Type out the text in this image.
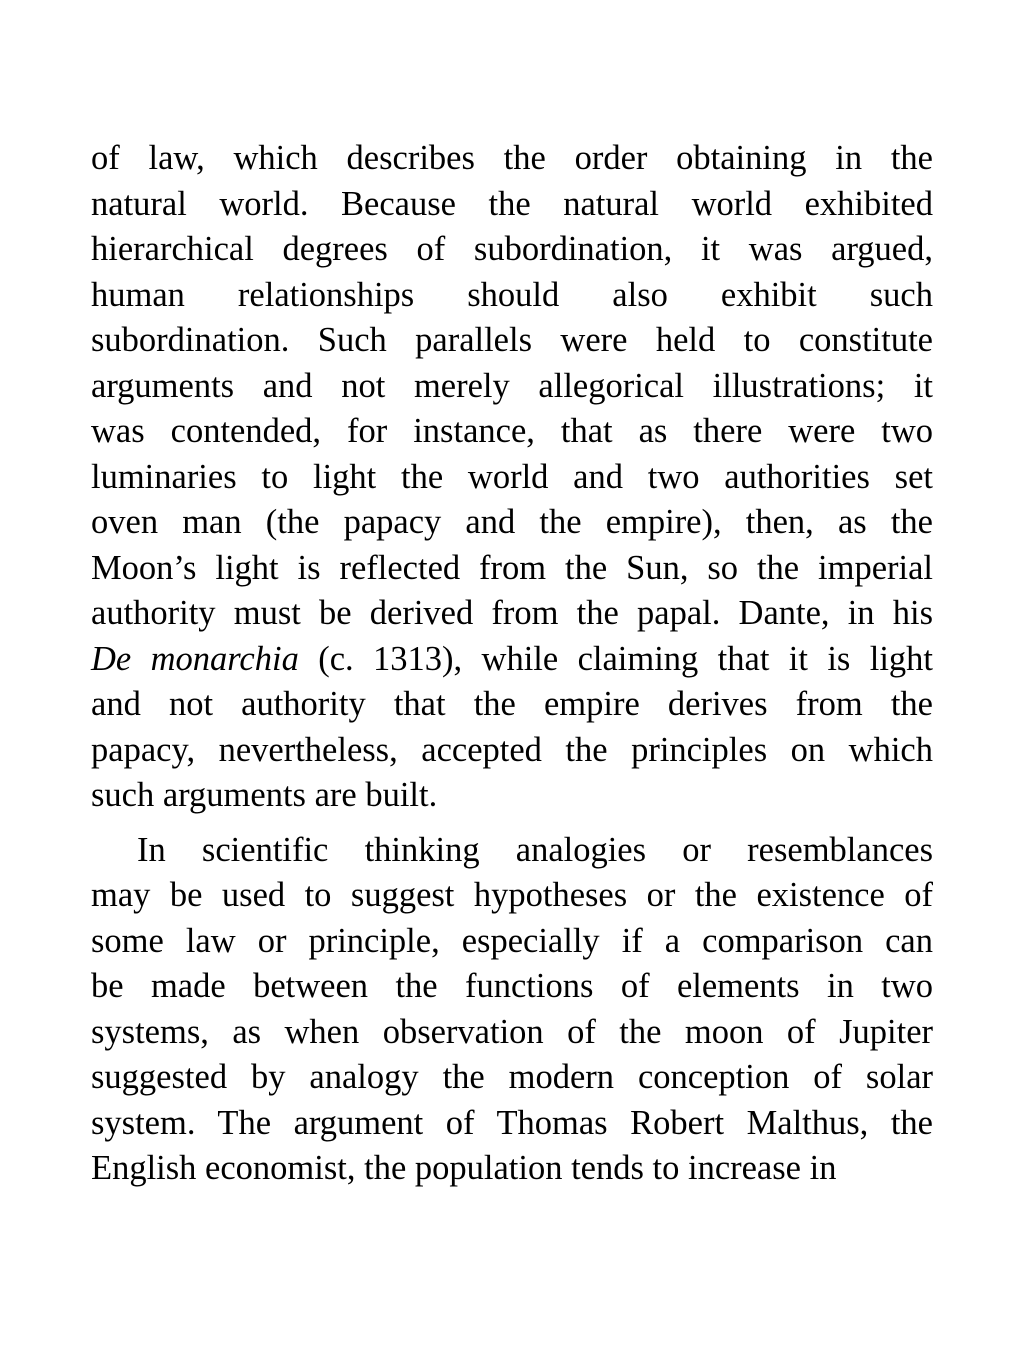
of law, which describes the order obtaining in the
natural world. Because the natural world exhibited
hierarchical degrees of subordination, it was argued,
human relationships should also exhibit such
subordination. Such parallels were held to constitute
arguments and not merely allegorical illustrations; it
was contended, for instance, that as there were two
luminaries to light the world and two authorities set
oven man (the papacy and the empire), then, as the
Moon’s light is reflected from the Sun, so the imperial
authority must be derived from the papal. Dante, in his
De monarchia (c. 1313), while claiming that it is light
and not authority that the empire derives from the
papacy, nevertheless, accepted the principles on which
such arguments are built.

In scientific thinking analogies or resemblances
may be used to suggest hypotheses or the existence of
some law or principle, especially if a comparison can
be made between the functions of elements in two
systems, as when observation of the moon of Jupiter
suggested by analogy the modern conception of solar
system. The argument of Thomas Robert Malthus, the
English economist, the population tends to increase in
